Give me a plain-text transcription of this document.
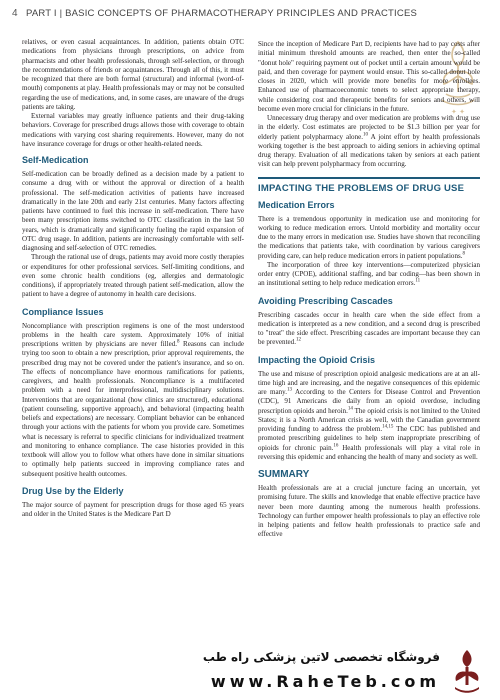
4 PART I | BASIC CONCEPTS OF PHARMACOTHERAPY PRINCIPLES AND PRACTICES
✦ ✦

relatives, or even casual acquaintances. In addition, patients obtain OTC medications from physicians through prescriptions, on advice from pharmacists and other health professionals, through self-selection, or through the recommendations of friends or acquaintances. Through all of this, it must be recognized that there are both formal (structural) and informal (word-of-mouth) components at play. Health professionals may or may not be consulted regarding the use of medications, and, in some cases, are unaware of the drugs patients are taking.

External variables may greatly influence patients and their drug-taking behaviors. Coverage for prescribed drugs allows those with coverage to obtain medications with varying cost sharing requirements. However, many do not have insurance coverage for drugs or other health-related needs.

Self-Medication

Self-medication can be broadly defined as a decision made by a patient to consume a drug with or without the approval or direction of a health professional. The self-medication activities of patients have increased dramatically in the late 20th and early 21st centuries. Many factors affecting patients have continued to fuel this increase in self-medication. There have been many prescription items switched to OTC classification in the last 50 years, which is dramatically and significantly fueling the rapid expansion of OTC drug usage. In addition, patients are increasingly comfortable with self-diagnosing and self-selection of OTC remedies.

Through the rational use of drugs, patients may avoid more costly therapies or expenditures for other professional services. Self-limiting conditions, and even some chronic health conditions (eg, allergies and dermatologic conditions), if appropriately treated through patient self-medication, allow the patient to have a degree of autonomy in health care decisions.

Compliance Issues

Noncompliance with prescription regimens is one of the most understood problems in the health care system. Approximately 10% of initial prescriptions written by physicians are never filled.$^8$ Reasons can include trying too soon to obtain a new prescription, prior approval requirements, the prescribed drug may not be covered under the patient's insurance, and so on. The effects of noncompliance have enormous ramifications for patients, caregivers, and health professionals. Noncompliance is a multifaceted problem with a need for interprofessional, multidisciplinary solutions. Interventions that are organizational (how clinics are structured), educational (patient counseling, supportive approach), and behavioral (impacting health beliefs and expectations) are necessary. Compliant behavior can be enhanced through your actions with the patients for whom you provide care. Sometimes what is necessary is referral to specific clinicians for individualized treatment and monitoring to enhance compliance. The case histories provided in this textbook will allow you to follow what others have done in similar situations to optimally help patients succeed in improving compliance rates and subsequent positive health outcomes.

Drug Use by the Elderly

The major source of payment for prescription drugs for those aged 65 years and older in the United States is the Medicare Part D

Since the inception of Medicare Part D, recipients have had to pay costs after initial minimum threshold amounts are reached, then enter the so-called "donut hole" requiring payment out of pocket until a certain amount would be paid, and then coverage for payment would ensue. This so-called donut hole closes in 2020, which will provide more benefits for more enrollees. Enhanced use of pharmacoeconomic tenets to select appropriate therapy, while considering cost and therapeutic benefits for seniors and others, will become even more crucial for clinicians in the future.

Unnecessary drug therapy and over medication are problems with drug use in the elderly. Cost estimates are projected to be $1.3 billion per year for elderly patient polypharmacy alone.$^{10}$ A joint effort by health professionals working together is the best approach to aiding seniors in achieving optimal drug therapy. Evaluation of all medications taken by seniors at each patient visit can help prevent polypharmacy from occurring.

IMPACTING THE PROBLEMS OF DRUG USE
Medication Errors

There is a tremendous opportunity in medication use and monitoring for working to reduce medication errors. Untold morbidity and mortality occur due to the many errors in medication use. Studies have shown that reconciling the medications that patients take, with coordination by various caregivers providing care, can help reduce medication errors in patient populations.$^8$

The incorporation of three key interventions—computerized physician order entry (CPOE), additional staffing, and bar coding—has been shown in an institutional setting to help reduce medication errors.$^{11}$

Avoiding Prescribing Cascades

Prescribing cascades occur in health care when the side effect from a medication is interpreted as a new condition, and a second drug is prescribed to "treat" the side effect. Prescribing cascades are important because they can be prevented.$^{12}$

Impacting the Opioid Crisis

The use and misuse of prescription opioid analgesic medications are at an all-time high and are increasing, and the negative consequences of this epidemic are many.$^{13}$ According to the Centers for Disease Control and Prevention (CDC), 91 Americans die daily from an opioid overdose, including prescription opioids and heroin.$^{14}$ The opioid crisis is not limited to the United States; it is a North American crisis as well, with the Canadian government providing funding to address the problem.$^{14,15}$ The CDC has published and promoted prescribing guidelines to help stem inappropriate prescribing of opioids for chronic pain.$^{16}$ Health professionals will play a vital role in reversing this epidemic and enhancing the health of many and society as well.

SUMMARY

Health professionals are at a crucial juncture facing an uncertain, yet promising future. The skills and knowledge that enable effective practice have never been more daunting among the numerous health professions. Technology can further empower health professionals to play an effective role in helping patients and fellow health professionals to practice safe and effective

فروشگاه تخصصی لاتین پزشکی راه طب
www.RaheTeb.com
